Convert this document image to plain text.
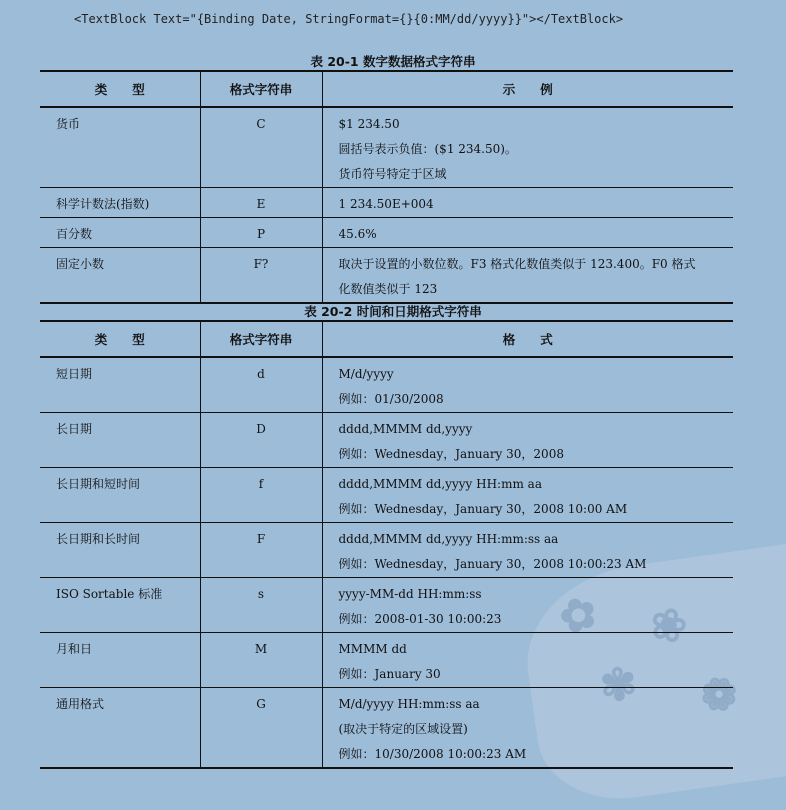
✿ ❀
✾ ❁
<TextBlock Text="{Binding Date, StringFormat={}{0:MM/dd/yyyy}}"></TextBlock>
表 20-1 数字数据格式字符串
类　　型	格式字符串	示　　例
货币	C	$1 234.50
圆括号表示负值：($1 234.50)。
货币符号特定于区域

科学计数法(指数)	E	1 234.50E+004

百分数	P	45.6%

固定小数	F?	取决于设置的小数位数。F3 格式化数值类似于 123.400。F0 格式
化数值类似于 123
表 20-2 时间和日期格式字符串
类　　型	格式字符串	格　　式
短日期	d	M/d/yyyy
例如：01/30/2008

长日期	D	dddd,MMMM dd,yyyy
例如：Wednesday，January 30，2008

长日期和短时间	f	dddd,MMMM dd,yyyy HH:mm aa
例如：Wednesday，January 30，2008 10:00 AM

长日期和长时间	F	dddd,MMMM dd,yyyy HH:mm:ss aa
例如：Wednesday，January 30，2008 10:00:23 AM

ISO Sortable 标准	s	yyyy-MM-dd HH:mm:ss
例如：2008-01-30 10:00:23

月和日	M	MMMM dd
例如：January 30

通用格式	G	M/d/yyyy HH:mm:ss aa
(取决于特定的区域设置)
例如：10/30/2008 10:00:23 AM
